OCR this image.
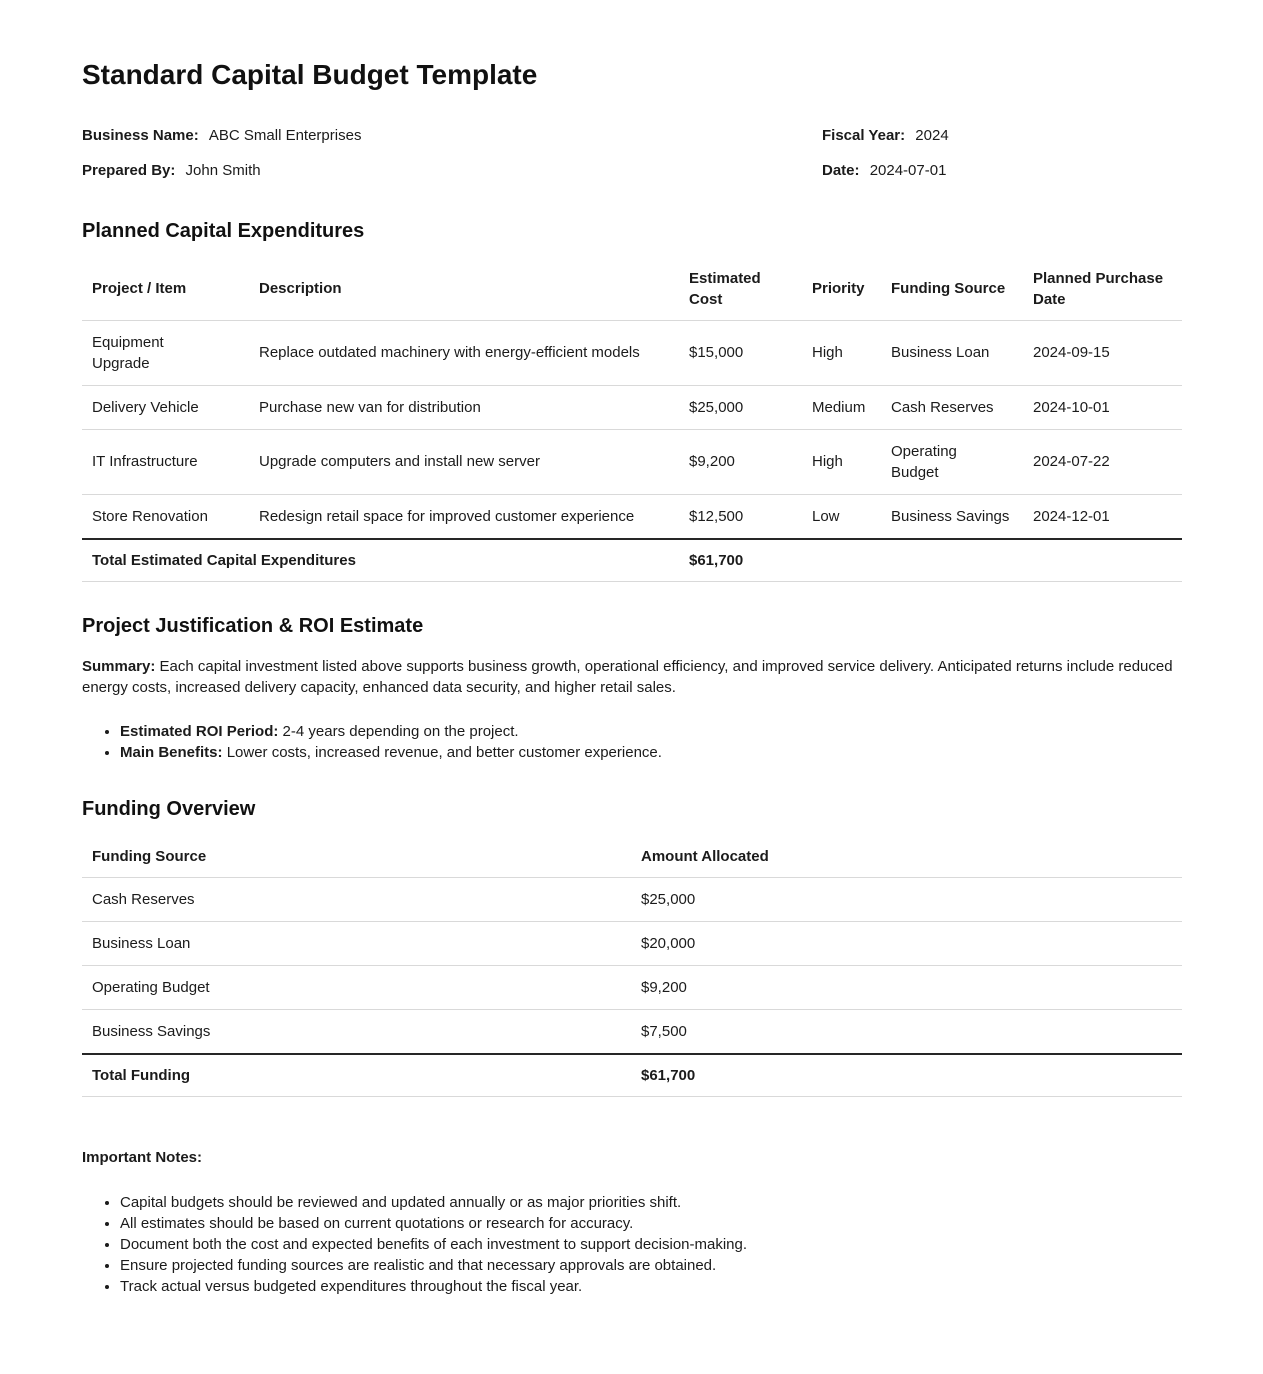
Standard Capital Budget Template
Business Name: ABC Small Enterprises	Fiscal Year: 2024
Prepared By: John Smith	Date: 2024-07-01
Planned Capital Expenditures
Project / Item	Description	Estimated Cost	Priority	Funding Source	Planned Purchase Date
Equipment Upgrade	Replace outdated machinery with energy-efficient models	$15,000	High	Business Loan	2024-09-15
Delivery Vehicle	Purchase new van for distribution	$25,000	Medium	Cash Reserves	2024-10-01
IT Infrastructure	Upgrade computers and install new server	$9,200	High	Operating Budget	2024-07-22
Store Renovation	Redesign retail space for improved customer experience	$12,500	Low	Business Savings	2024-12-01
Total Estimated Capital Expenditures		$61,700			
Project Justification & ROI Estimate

Summary: Each capital investment listed above supports business growth, operational efficiency, and improved service delivery. Anticipated returns include reduced energy costs, increased delivery capacity, enhanced data security, and higher retail sales.

• Estimated ROI Period: 2-4 years depending on the project.
• Main Benefits: Lower costs, increased revenue, and better customer experience.
Funding Overview
Funding Source	Amount Allocated
Cash Reserves	$25,000
Business Loan	$20,000
Operating Budget	$9,200
Business Savings	$7,500
Total Funding	$61,700
Important Notes:
• Capital budgets should be reviewed and updated annually or as major priorities shift.
• All estimates should be based on current quotations or research for accuracy.
• Document both the cost and expected benefits of each investment to support decision-making.
• Ensure projected funding sources are realistic and that necessary approvals are obtained.
• Track actual versus budgeted expenditures throughout the fiscal year.
